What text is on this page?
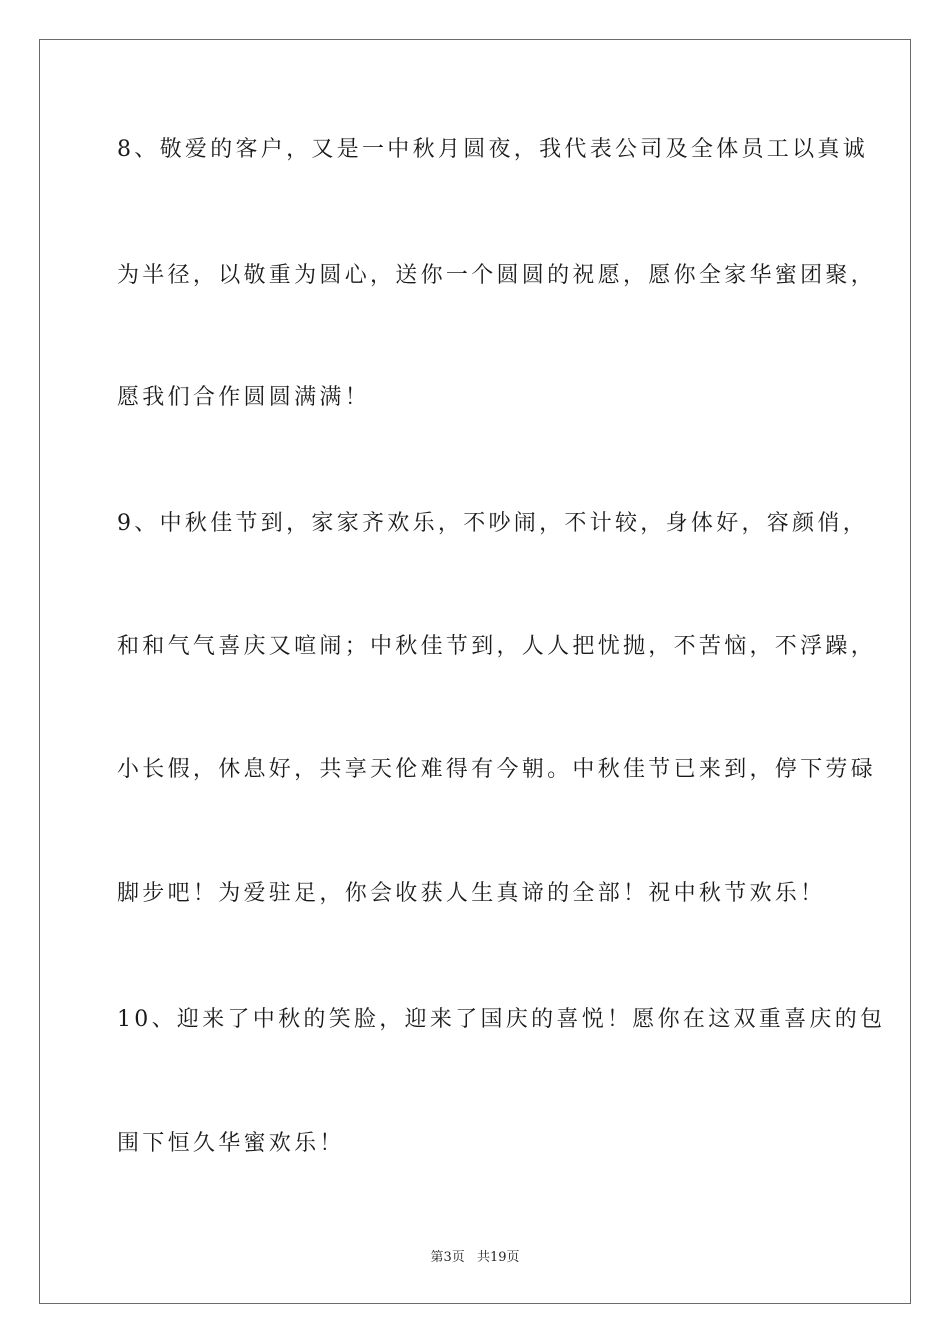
8、敬爱的客户，又是一中秋月圆夜，我代表公司及全体员工以真诚
为半径，以敬重为圆心，送你一个圆圆的祝愿，愿你全家华蜜团聚，
愿我们合作圆圆满满！
9、中秋佳节到，家家齐欢乐，不吵闹，不计较，身体好，容颜俏，
和和气气喜庆又喧闹；中秋佳节到，人人把忧抛，不苦恼，不浮躁，
小长假，休息好，共享天伦难得有今朝。中秋佳节已来到，停下劳碌
脚步吧！为爱驻足，你会收获人生真谛的全部！祝中秋节欢乐！
10、迎来了中秋的笑脸，迎来了国庆的喜悦！愿你在这双重喜庆的包
围下恒久华蜜欢乐！
第3页 共19页
